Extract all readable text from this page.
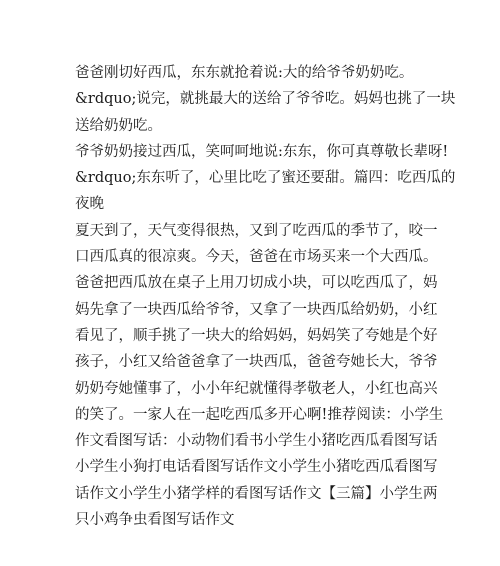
爸爸刚切好西瓜，东东就抢着说:大的给爷爷奶奶吃。
&rdquo;说完，就挑最大的送给了爷爷吃。妈妈也挑了一块
送给奶奶吃。
爷爷奶奶接过西瓜，笑呵呵地说:东东，你可真尊敬长辈呀!
&rdquo;东东听了，心里比吃了蜜还要甜。篇四：吃西瓜的
夜晚
夏天到了，天气变得很热，又到了吃西瓜的季节了，咬一
口西瓜真的很凉爽。今天，爸爸在市场买来一个大西瓜。
爸爸把西瓜放在桌子上用刀切成小块，可以吃西瓜了，妈
妈先拿了一块西瓜给爷爷，又拿了一块西瓜给奶奶，小红
看见了，顺手挑了一块大的给妈妈，妈妈笑了夸她是个好
孩子，小红又给爸爸拿了一块西瓜，爸爸夸她长大，爷爷
奶奶夸她懂事了，小小年纪就懂得孝敬老人，小红也高兴
的笑了。一家人在一起吃西瓜多开心啊!推荐阅读：小学生
作文看图写话：小动物们看书小学生小猪吃西瓜看图写话
小学生小狗打电话看图写话作文小学生小猪吃西瓜看图写
话作文小学生小猪学样的看图写话作文【三篇】小学生两
只小鸡争虫看图写话作文
